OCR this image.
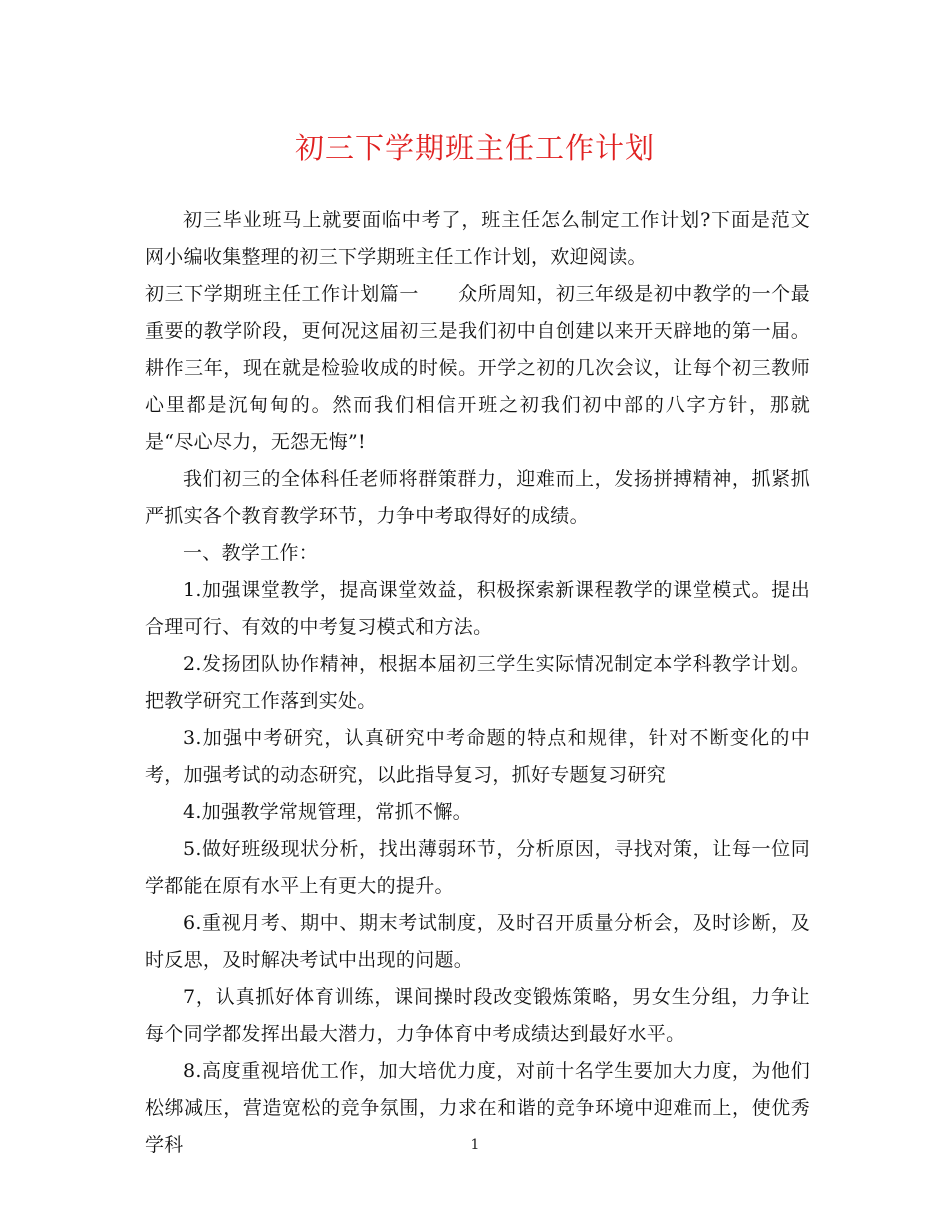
初三下学期班主任工作计划

初三毕业班马上就要面临中考了，班主任怎么制定工作计划?下面是范文网小编收集整理的初三下学期班主任工作计划，欢迎阅读。

初三下学期班主任工作计划篇一　　众所周知，初三年级是初中教学的一个最重要的教学阶段，更何况这届初三是我们初中自创建以来开天辟地的第一届。耕作三年，现在就是检验收成的时候。开学之初的几次会议，让每个初三教师心里都是沉甸甸的。然而我们相信开班之初我们初中部的八字方针，那就是“尽心尽力，无怨无悔”!

我们初三的全体科任老师将群策群力，迎难而上，发扬拼搏精神，抓紧抓严抓实各个教育教学环节，力争中考取得好的成绩。

一、教学工作：

1.加强课堂教学，提高课堂效益，积极探索新课程教学的课堂模式。提出合理可行、有效的中考复习模式和方法。

2.发扬团队协作精神，根据本届初三学生实际情况制定本学科教学计划。把教学研究工作落到实处。

3.加强中考研究，认真研究中考命题的特点和规律，针对不断变化的中考，加强考试的动态研究，以此指导复习，抓好专题复习研究

4.加强教学常规管理，常抓不懈。

5.做好班级现状分析，找出薄弱环节，分析原因，寻找对策，让每一位同学都能在原有水平上有更大的提升。

6.重视月考、期中、期末考试制度，及时召开质量分析会，及时诊断，及时反思，及时解决考试中出现的问题。

7，认真抓好体育训练，课间操时段改变锻炼策略，男女生分组，力争让每个同学都发挥出最大潜力，力争体育中考成绩达到最好水平。

8.高度重视培优工作，加大培优力度，对前十名学生要加大力度，为他们松绑减压，营造宽松的竞争氛围，力求在和谐的竞争环境中迎难而上，使优秀学科	1
